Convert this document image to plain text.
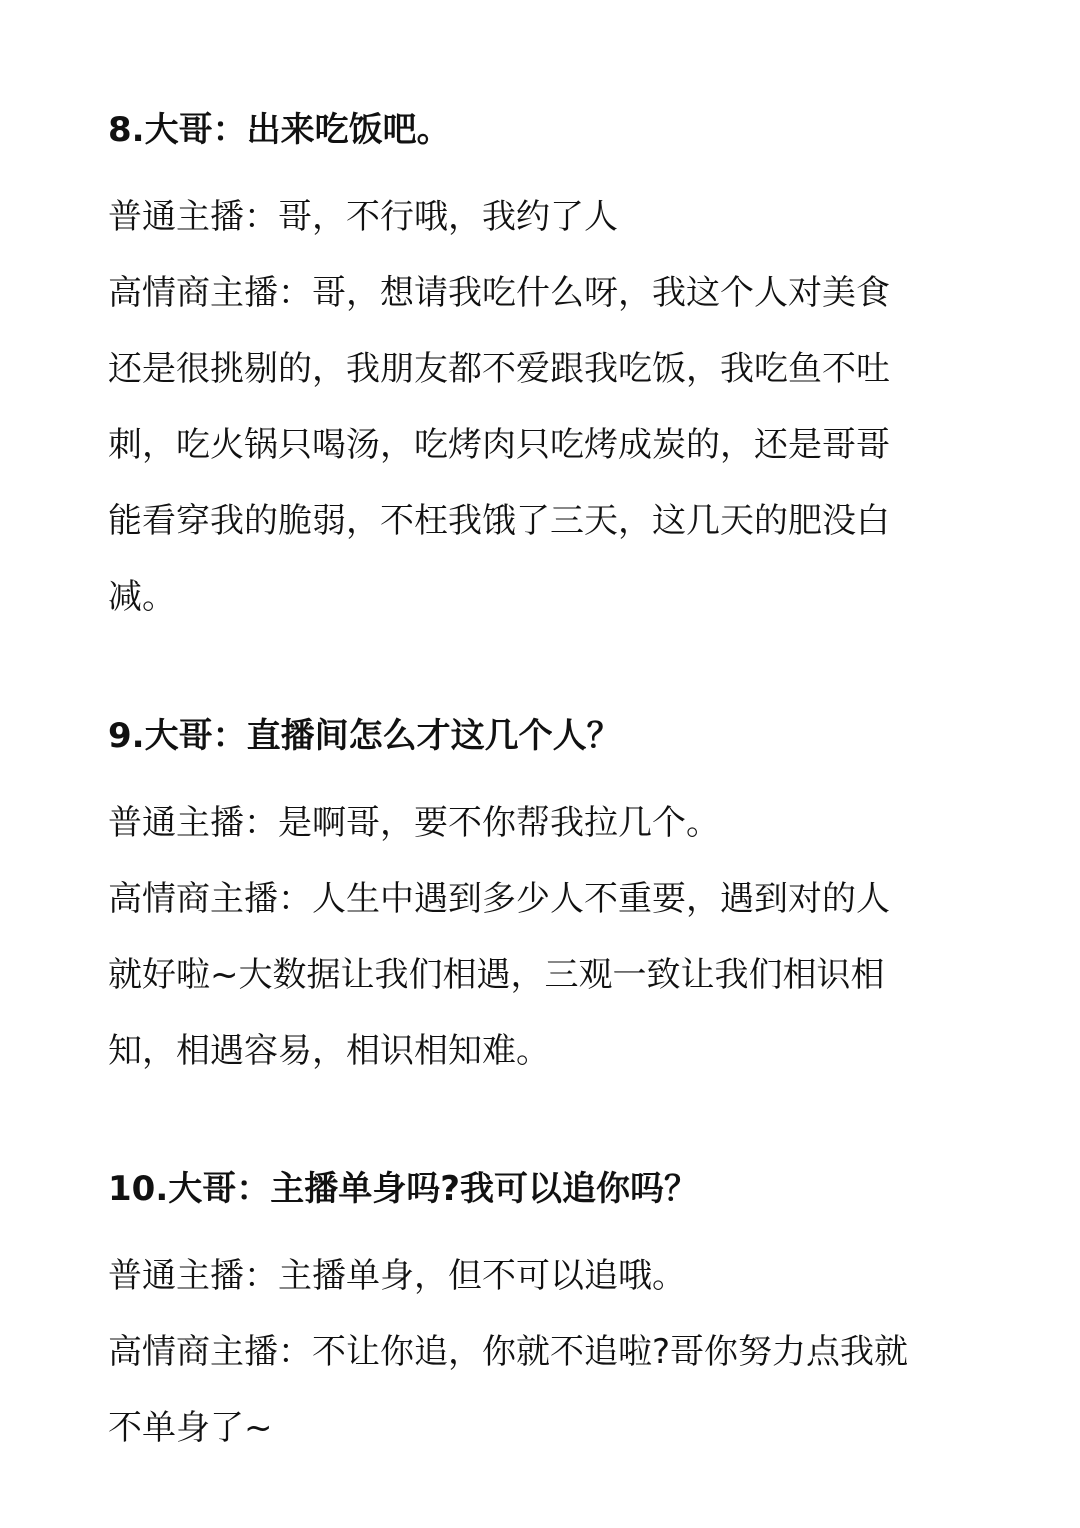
8.大哥：出来吃饭吧。

普通主播：哥，不行哦，我约了人

高情商主播：哥，想请我吃什么呀，我这个人对美食

还是很挑剔的，我朋友都不爱跟我吃饭，我吃鱼不吐

刺，吃火锅只喝汤，吃烤肉只吃烤成炭的，还是哥哥

能看穿我的脆弱，不枉我饿了三天，这几天的肥没白

减。

9.大哥：直播间怎么才这几个人？

普通主播：是啊哥，要不你帮我拉几个。

高情商主播：人生中遇到多少人不重要，遇到对的人

就好啦~大数据让我们相遇，三观一致让我们相识相

知，相遇容易，相识相知难。

10.大哥：主播单身吗?我可以追你吗？

普通主播：主播单身，但不可以追哦。

高情商主播：不让你追，你就不追啦?哥你努力点我就

不单身了~
